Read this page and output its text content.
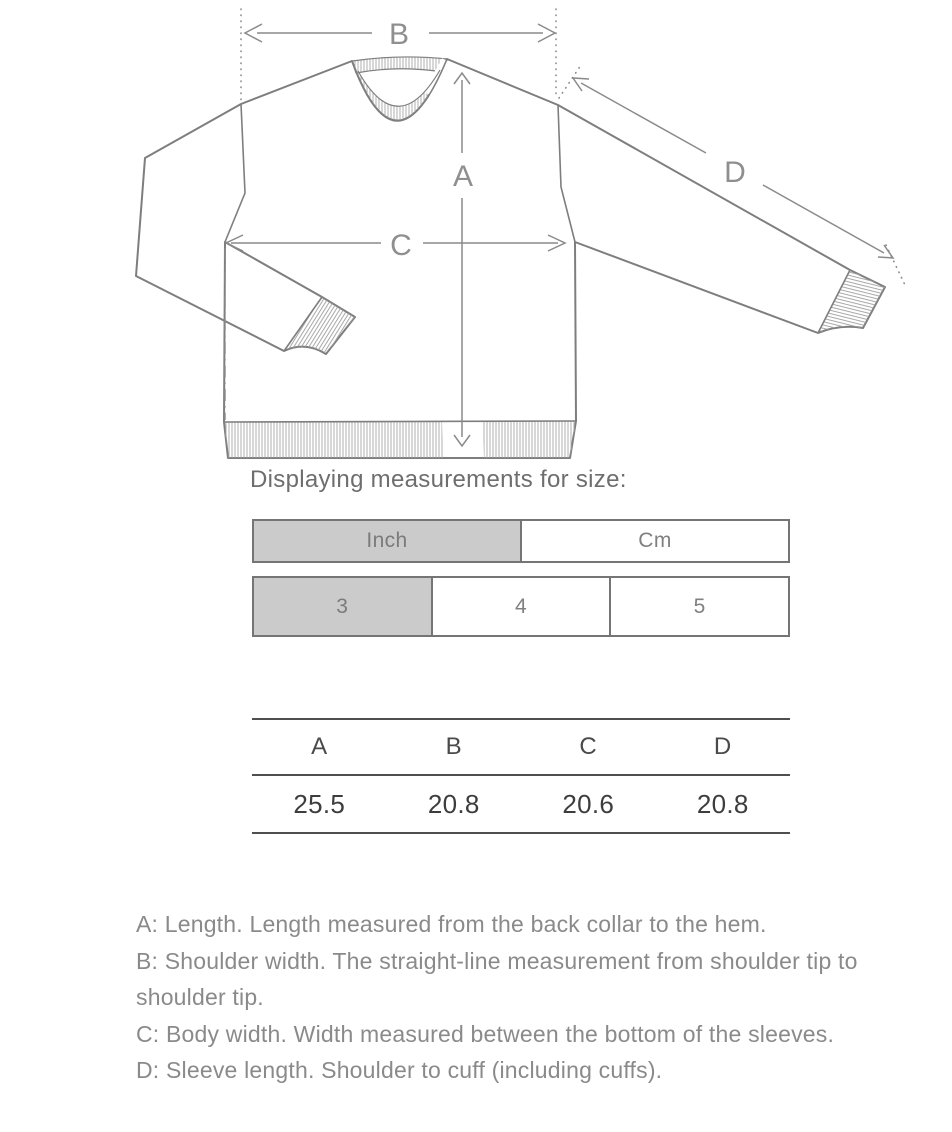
B
A
C
D
Displaying measurements for size:
Inch	Cm
3	4	5
A	B	C	D
25.5	20.8	20.6	20.8
A: Length. Length measured from the back collar to the hem.
B: Shoulder width. The straight-line measurement from shoulder tip to shoulder tip.
C: Body width. Width measured between the bottom of the sleeves.
D: Sleeve length. Shoulder to cuff (including cuffs).
